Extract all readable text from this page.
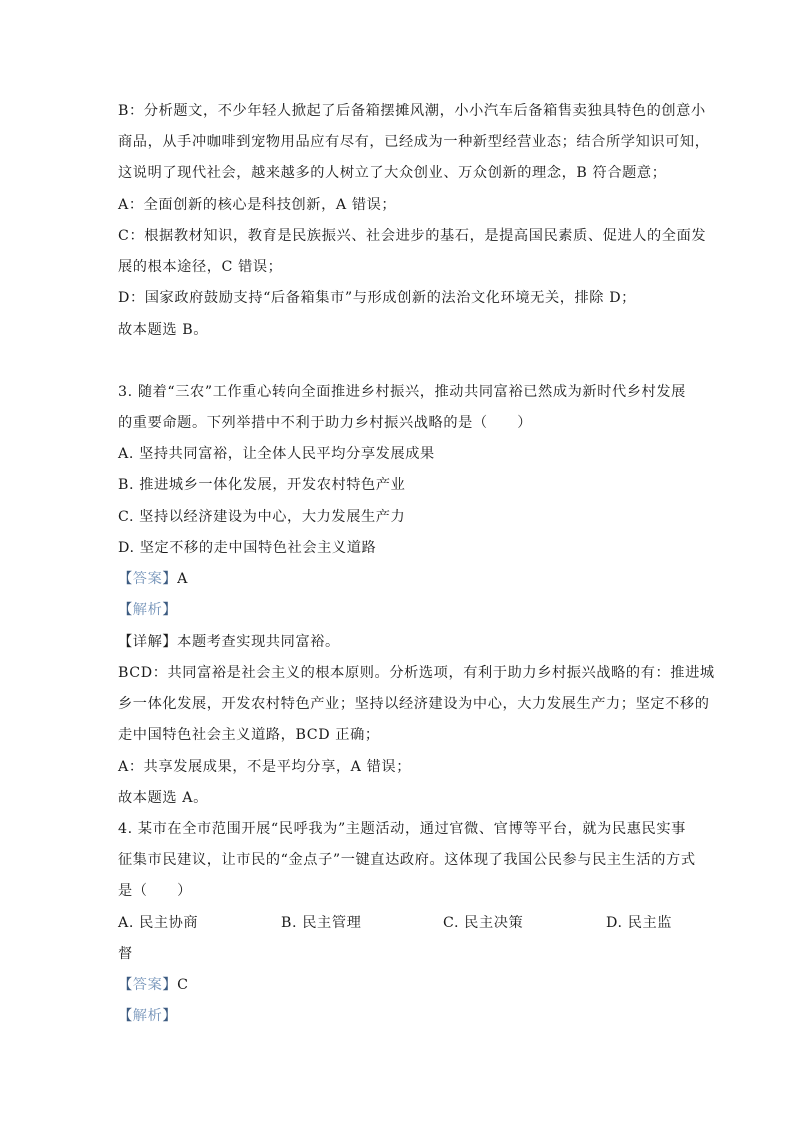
B：分析题文，不少年轻人掀起了后备箱摆摊风潮，小小汽车后备箱售卖独具特色的创意小
商品，从手冲咖啡到宠物用品应有尽有，已经成为一种新型经营业态；结合所学知识可知，
这说明了现代社会，越来越多的人树立了大众创业、万众创新的理念，B 符合题意；
A：全面创新的核心是科技创新，A 错误；
C：根据教材知识，教育是民族振兴、社会进步的基石，是提高国民素质、促进人的全面发
展的根本途径，C 错误；
D：国家政府鼓励支持“后备箱集市”与形成创新的法治文化环境无关，排除 D；
故本题选 B。
3. 随着“三农”工作重心转向全面推进乡村振兴，推动共同富裕已然成为新时代乡村发展
的重要命题。下列举措中不利于助力乡村振兴战略的是（　　）
A. 坚持共同富裕，让全体人民平均分享发展成果
B. 推进城乡一体化发展，开发农村特色产业
C. 坚持以经济建设为中心，大力发展生产力
D. 坚定不移的走中国特色社会主义道路
【答案】A
【解析】
【详解】本题考查实现共同富裕。
BCD：共同富裕是社会主义的根本原则。分析选项，有利于助力乡村振兴战略的有：推进城
乡一体化发展，开发农村特色产业；坚持以经济建设为中心，大力发展生产力；坚定不移的
走中国特色社会主义道路，BCD 正确；
A：共享发展成果，不是平均分享，A 错误；
故本题选 A。
4. 某市在全市范围开展“民呼我为”主题活动，通过官微、官博等平台，就为民惠民实事
征集市民建议，让市民的“金点子”一键直达政府。这体现了我国公民参与民主生活的方式
是（　　）
A. 民主协商	B. 民主管理	C. 民主决策	D. 民主监
督
【答案】C
【解析】
